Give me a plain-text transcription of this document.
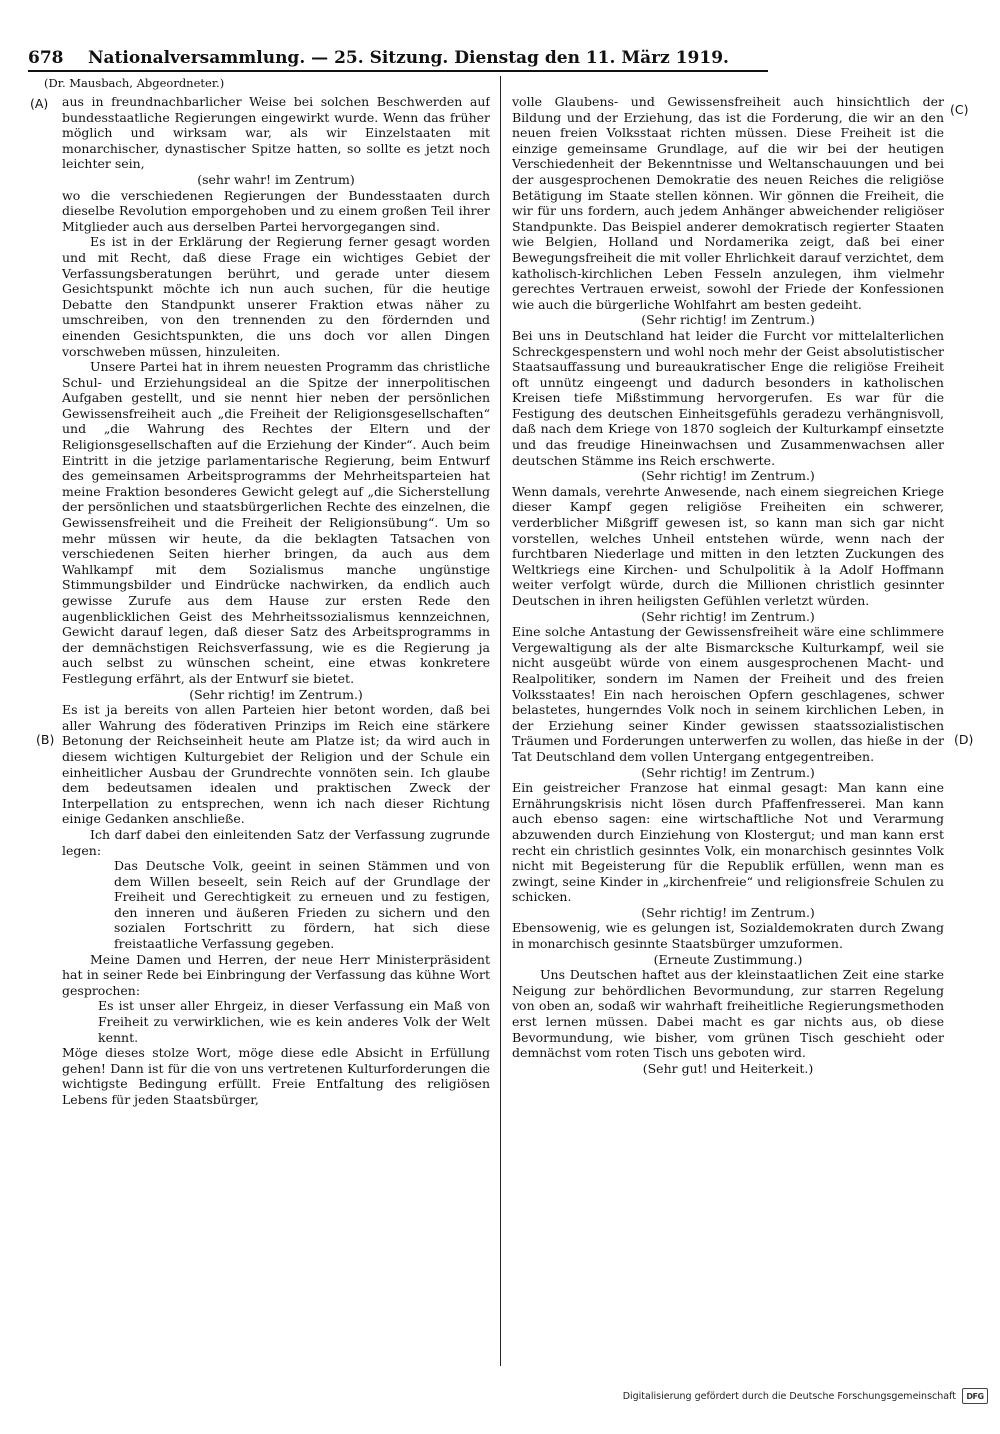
678	Nationalversammlung. — 25. Sitzung. Dienstag den 11. März 1919.
(Dr. Mausbach, Abgeordneter.)
(A)
(B)
(C)
(D)

aus in freundnachbarlicher Weise bei solchen Beschwerden auf bundesstaatliche Regierungen eingewirkt wurde. Wenn das früher möglich und wirksam war, als wir Einzelstaaten mit monarchischer, dynastischer Spitze hatten, so sollte es jetzt noch leichter sein,

(sehr wahr! im Zentrum)

wo die verschiedenen Regierungen der Bundesstaaten durch dieselbe Revolution emporgehoben und zu einem großen Teil ihrer Mitglieder auch aus derselben Partei hervorgegangen sind.

Es ist in der Erklärung der Regierung ferner gesagt worden und mit Recht, daß diese Frage ein wichtiges Gebiet der Verfassungsberatungen berührt, und gerade unter diesem Gesichtspunkt möchte ich nun auch suchen, für die heutige Debatte den Standpunkt unserer Fraktion etwas näher zu umschreiben, von den trennenden zu den fördernden und einenden Gesichtspunkten, die uns doch vor allen Dingen vorschweben müssen, hinzuleiten.

Unsere Partei hat in ihrem neuesten Programm das christliche Schul- und Erziehungsideal an die Spitze der innerpolitischen Aufgaben gestellt, und sie nennt hier neben der persönlichen Gewissensfreiheit auch „die Freiheit der Religionsgesellschaften“ und „die Wahrung des Rechtes der Eltern und der Religionsgesellschaften auf die Erziehung der Kinder“. Auch beim Eintritt in die jetzige parlamentarische Regierung, beim Entwurf des gemeinsamen Arbeitsprogramms der Mehrheitsparteien hat meine Fraktion besonderes Gewicht gelegt auf „die Sicherstellung der persönlichen und staatsbürgerlichen Rechte des einzelnen, die Gewissensfreiheit und die Freiheit der Religionsübung“. Um so mehr müssen wir heute, da die beklagten Tatsachen von verschiedenen Seiten hierher bringen, da auch aus dem Wahlkampf mit dem Sozialismus manche ungünstige Stimmungsbilder und Eindrücke nachwirken, da endlich auch gewisse Zurufe aus dem Hause zur ersten Rede den augenblicklichen Geist des Mehrheitssozialismus kennzeichnen, Gewicht darauf legen, daß dieser Satz des Arbeitsprogramms in der demnächstigen Reichsverfassung, wie es die Regierung ja auch selbst zu wünschen scheint, eine etwas konkretere Festlegung erfährt, als der Entwurf sie bietet.

(Sehr richtig! im Zentrum.)

Es ist ja bereits von allen Parteien hier betont worden, daß bei aller Wahrung des föderativen Prinzips im Reich eine stärkere Betonung der Reichseinheit heute am Platze ist; da wird auch in diesem wichtigen Kulturgebiet der Religion und der Schule ein einheitlicher Ausbau der Grundrechte vonnöten sein. Ich glaube dem bedeutsamen idealen und praktischen Zweck der Interpellation zu entsprechen, wenn ich nach dieser Richtung einige Gedanken anschließe.

Ich darf dabei den einleitenden Satz der Verfassung zugrunde legen:

Das Deutsche Volk, geeint in seinen Stämmen und von dem Willen beseelt, sein Reich auf der Grundlage der Freiheit und Gerechtigkeit zu erneuen und zu festigen, den inneren und äußeren Frieden zu sichern und den sozialen Fortschritt zu fördern, hat sich diese freistaatliche Verfassung gegeben.

Meine Damen und Herren, der neue Herr Ministerpräsident hat in seiner Rede bei Einbringung der Verfassung das kühne Wort gesprochen:

Es ist unser aller Ehrgeiz, in dieser Verfassung ein Maß von Freiheit zu verwirklichen, wie es kein anderes Volk der Welt kennt.

Möge dieses stolze Wort, möge diese edle Absicht in Erfüllung gehen! Dann ist für die von uns vertretenen Kulturforderungen die wichtigste Bedingung erfüllt. Freie Entfaltung des religiösen Lebens für jeden Staatsbürger,

volle Glaubens- und Gewissensfreiheit auch hinsichtlich der Bildung und der Erziehung, das ist die Forderung, die wir an den neuen freien Volksstaat richten müssen. Diese Freiheit ist die einzige gemeinsame Grundlage, auf die wir bei der heutigen Verschiedenheit der Bekenntnisse und Weltanschauungen und bei der ausgesprochenen Demokratie des neuen Reiches die religiöse Betätigung im Staate stellen können. Wir gönnen die Freiheit, die wir für uns fordern, auch jedem Anhänger abweichender religiöser Standpunkte. Das Beispiel anderer demokratisch regierter Staaten wie Belgien, Holland und Nordamerika zeigt, daß bei einer Bewegungsfreiheit die mit voller Ehrlichkeit darauf verzichtet, dem katholisch-kirchlichen Leben Fesseln anzulegen, ihm vielmehr gerechtes Vertrauen erweist, sowohl der Friede der Konfessionen wie auch die bürgerliche Wohlfahrt am besten gedeiht.

(Sehr richtig! im Zentrum.)

Bei uns in Deutschland hat leider die Furcht vor mittelalterlichen Schreckgespenstern und wohl noch mehr der Geist absolutistischer Staatsauffassung und bureaukratischer Enge die religiöse Freiheit oft unnütz eingeengt und dadurch besonders in katholischen Kreisen tiefe Mißstimmung hervorgerufen. Es war für die Festigung des deutschen Einheitsgefühls geradezu verhängnisvoll, daß nach dem Kriege von 1870 sogleich der Kulturkampf einsetzte und das freudige Hineinwachsen und Zusammenwachsen aller deutschen Stämme ins Reich erschwerte.

(Sehr richtig! im Zentrum.)

Wenn damals, verehrte Anwesende, nach einem siegreichen Kriege dieser Kampf gegen religiöse Freiheiten ein schwerer, verderblicher Mißgriff gewesen ist, so kann man sich gar nicht vorstellen, welches Unheil entstehen würde, wenn nach der furchtbaren Niederlage und mitten in den letzten Zuckungen des Weltkriegs eine Kirchen- und Schulpolitik à la Adolf Hoffmann weiter verfolgt würde, durch die Millionen christlich gesinnter Deutschen in ihren heiligsten Gefühlen verletzt würden.

(Sehr richtig! im Zentrum.)

Eine solche Antastung der Gewissensfreiheit wäre eine schlimmere Vergewaltigung als der alte Bismarcksche Kulturkampf, weil sie nicht ausgeübt würde von einem ausgesprochenen Macht- und Realpolitiker, sondern im Namen der Freiheit und des freien Volksstaates! Ein nach heroischen Opfern geschlagenes, schwer belastetes, hungerndes Volk noch in seinem kirchlichen Leben, in der Erziehung seiner Kinder gewissen staatssozialistischen Träumen und Forderungen unterwerfen zu wollen, das hieße in der Tat Deutschland dem vollen Untergang entgegentreiben.

(Sehr richtig! im Zentrum.)

Ein geistreicher Franzose hat einmal gesagt: Man kann eine Ernährungskrisis nicht lösen durch Pfaffenfresserei. Man kann auch ebenso sagen: eine wirtschaftliche Not und Verarmung abzuwenden durch Einziehung von Klostergut; und man kann erst recht ein christlich gesinntes Volk, ein monarchisch gesinntes Volk nicht mit Begeisterung für die Republik erfüllen, wenn man es zwingt, seine Kinder in „kirchenfreie“ und religionsfreie Schulen zu schicken.

(Sehr richtig! im Zentrum.)

Ebensowenig, wie es gelungen ist, Sozialdemokraten durch Zwang in monarchisch gesinnte Staatsbürger umzuformen.

(Erneute Zustimmung.)

Uns Deutschen haftet aus der kleinstaatlichen Zeit eine starke Neigung zur behördlichen Bevormundung, zur starren Regelung von oben an, sodaß wir wahrhaft freiheitliche Regierungsmethoden erst lernen müssen. Dabei macht es gar nichts aus, ob diese Bevormundung, wie bisher, vom grünen Tisch geschieht oder demnächst vom roten Tisch uns geboten wird.

(Sehr gut! und Heiterkeit.)

Digitalisierung gefördert durch die Deutsche Forschungsgemeinschaft	DFG
